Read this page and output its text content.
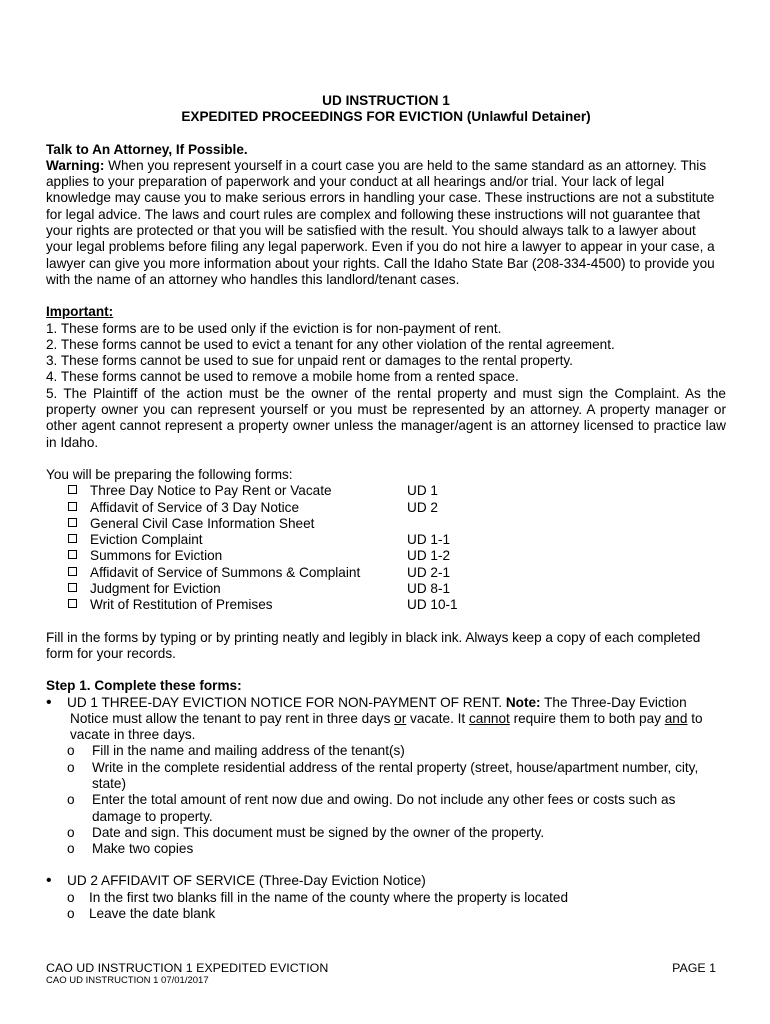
UD INSTRUCTION 1
EXPEDITED PROCEEDINGS FOR EVICTION (Unlawful Detainer)
Talk to An Attorney, If Possible.
Warning: When you represent yourself in a court case you are held to the same standard as an attorney. This applies to your preparation of paperwork and your conduct at all hearings and/or trial. Your lack of legal knowledge may cause you to make serious errors in handling your case. These instructions are not a substitute for legal advice. The laws and court rules are complex and following these instructions will not guarantee that your rights are protected or that you will be satisfied with the result. You should always talk to a lawyer about your legal problems before filing any legal paperwork. Even if you do not hire a lawyer to appear in your case, a lawyer can give you more information about your rights. Call the Idaho State Bar (208-334-4500) to provide you with the name of an attorney who handles this landlord/tenant cases.
Important:
1. These forms are to be used only if the eviction is for non-payment of rent.
2. These forms cannot be used to evict a tenant for any other violation of the rental agreement.
3. These forms cannot be used to sue for unpaid rent or damages to the rental property.
4. These forms cannot be used to remove a mobile home from a rented space.
5. The Plaintiff of the action must be the owner of the rental property and must sign the Complaint. As the property owner you can represent yourself or you must be represented by an attorney. A property manager or other agent cannot represent a property owner unless the manager/agent is an attorney licensed to practice law in Idaho.
You will be preparing the following forms:
Three Day Notice to Pay Rent or Vacate	UD 1
Affidavit of Service of 3 Day Notice	UD 2
General Civil Case Information Sheet
Eviction Complaint	UD 1-1
Summons for Eviction	UD 1-2
Affidavit of Service of Summons & Complaint	UD 2-1
Judgment for Eviction	UD 8-1
Writ of Restitution of Premises	UD 10-1
Fill in the forms by typing or by printing neatly and legibly in black ink. Always keep a copy of each completed form for your records.
Step 1. Complete these forms:
•	UD 1 THREE-DAY EVICTION NOTICE FOR NON-PAYMENT OF RENT. Note: The Three-Day Eviction
Notice must allow the tenant to pay rent in three days or vacate. It cannot require them to both pay and to vacate in three days.
o	Fill in the name and mailing address of the tenant(s)
o	Write in the complete residential address of the rental property (street, house/apartment number, city, state)
o	Enter the total amount of rent now due and owing. Do not include any other fees or costs such as damage to property.
o	Date and sign. This document must be signed by the owner of the property.
o	Make two copies
•	UD 2 AFFIDAVIT OF SERVICE (Three-Day Eviction Notice)
o	In the first two blanks fill in the name of the county where the property is located
o	Leave the date blank
CAO UD INSTRUCTION 1 EXPEDITED EVICTION	PAGE 1
CAO UD INSTRUCTION 1 07/01/2017
